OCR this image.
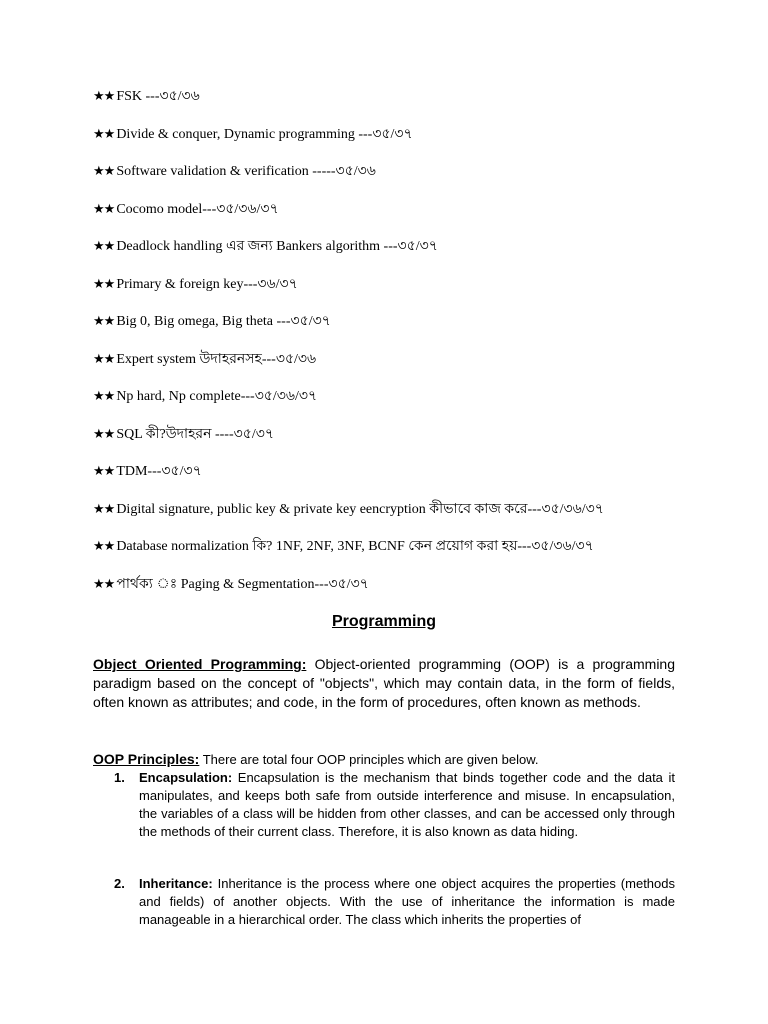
★★ FSK ---৩৫/৩৬
★★ Divide & conquer, Dynamic programming ---৩৫/৩৭
★★ Software validation & verification -----৩৫/৩৬
★★ Cocomo model---৩৫/৩৬/৩৭
★★ Deadlock handling এর জন্য Bankers algorithm ---৩৫/৩৭
★★ Primary & foreign key---৩৬/৩৭
★★ Big 0, Big omega, Big theta ---৩৫/৩৭
★★ Expert system উদাহরনসহ---৩৫/৩৬
★★ Np hard, Np complete---৩৫/৩৬/৩৭
★★ SQL কী?উদাহরন ----৩৫/৩৭
★★ TDM---৩৫/৩৭
★★ Digital signature, public key & private key eencryption কীভাবে কাজ করে---৩৫/৩৬/৩৭
★★ Database normalization কি? 1NF, 2NF, 3NF, BCNF কেন প্রয়োগ করা হয়---৩৫/৩৬/৩৭
★★ পার্থক্য ঃ Paging & Segmentation---৩৫/৩৭
Programming
Object Oriented Programming: Object-oriented programming (OOP) is a programming paradigm based on the concept of "objects", which may contain data, in the form of fields, often known as attributes; and code, in the form of procedures, often known as methods.
OOP Principles: There are total four OOP principles which are given below.
1. Encapsulation: Encapsulation is the mechanism that binds together code and the data it manipulates, and keeps both safe from outside interference and misuse. In encapsulation, the variables of a class will be hidden from other classes, and can be accessed only through the methods of their current class. Therefore, it is also known as data hiding.
2. Inheritance: Inheritance is the process where one object acquires the properties (methods and fields) of another objects. With the use of inheritance the information is made manageable in a hierarchical order. The class which inherits the properties of
